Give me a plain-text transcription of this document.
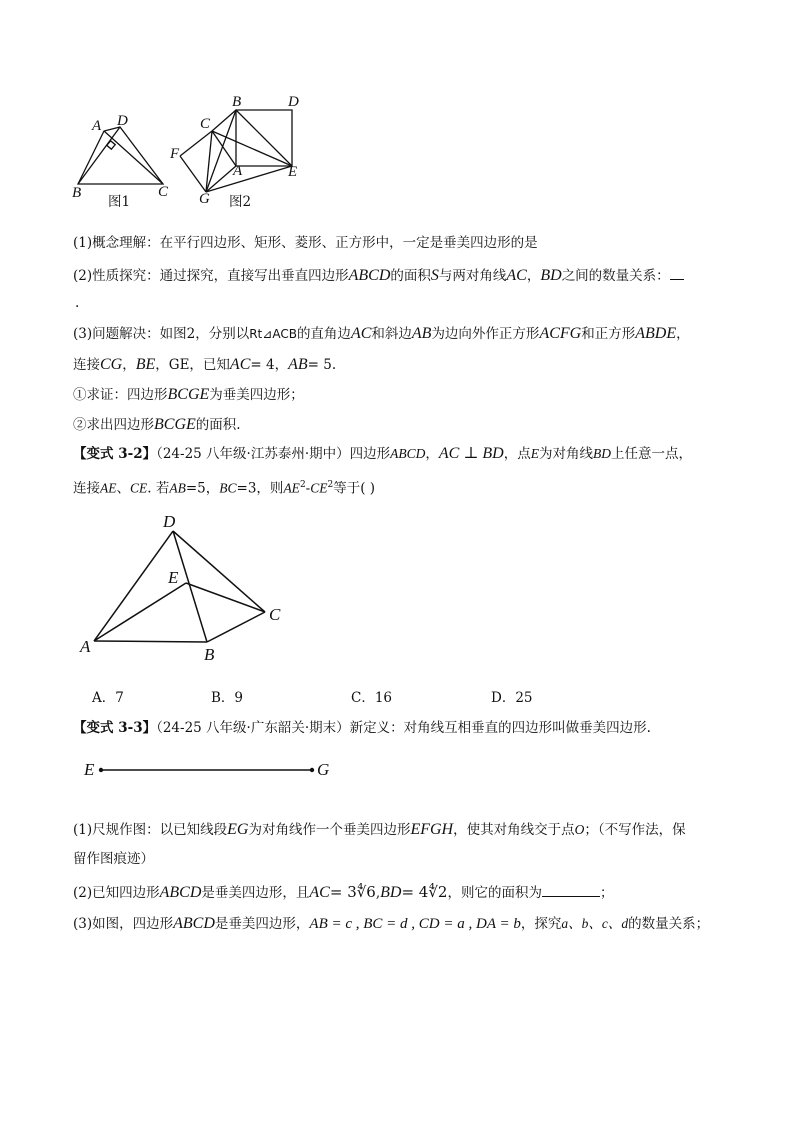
A D
B	C
图1
B	D
C
F
A	E
G 图2
(1)概念理解：在平行四边形、矩形、菱形、正方形中，一定是垂美四边形的是
(2)性质探究：通过探究，直接写出垂直四边形ABCD的面积S与两对角线AC，BD之间的数量关系：
.
(3)问题解决：如图2，分别以Rt⊿ACB的直角边AC和斜边AB为边向外作正方形ACFG和正方形ABDE，
连接CG，BE，GE，已知AC= 4，AB= 5.
①求证：四边形BCGE为垂美四边形；
②求出四边形BCGE的面积.
【变式 3-2】（24-25 八年级·江苏泰州·期中）四边形ABCD，AC ⊥ BD，点E为对角线BD上任意一点，
连接AE、CE. 若AB=5，BC=3，则$AE^2-CE^2$等于( )
D
E
C
A	B
A．7	B．9	C．16	D．25
【变式 3-3】（24-25 八年级·广东韶关·期末）新定义：对角线互相垂直的四边形叫做垂美四边形.
E	G
(1)尺规作图：以已知线段EG为对角线作一个垂美四边形EFGH，使其对角线交于点O；（不写作法，保
留作图痕迹）
(2)已知四边形ABCD是垂美四边形，且AC= 3∜6,BD= 4∜2，则它的面积为	；
(3)如图，四边形ABCD是垂美四边形，AB = c , BC = d , CD = a , DA = b，探究a、b、c、d的数量关系；
